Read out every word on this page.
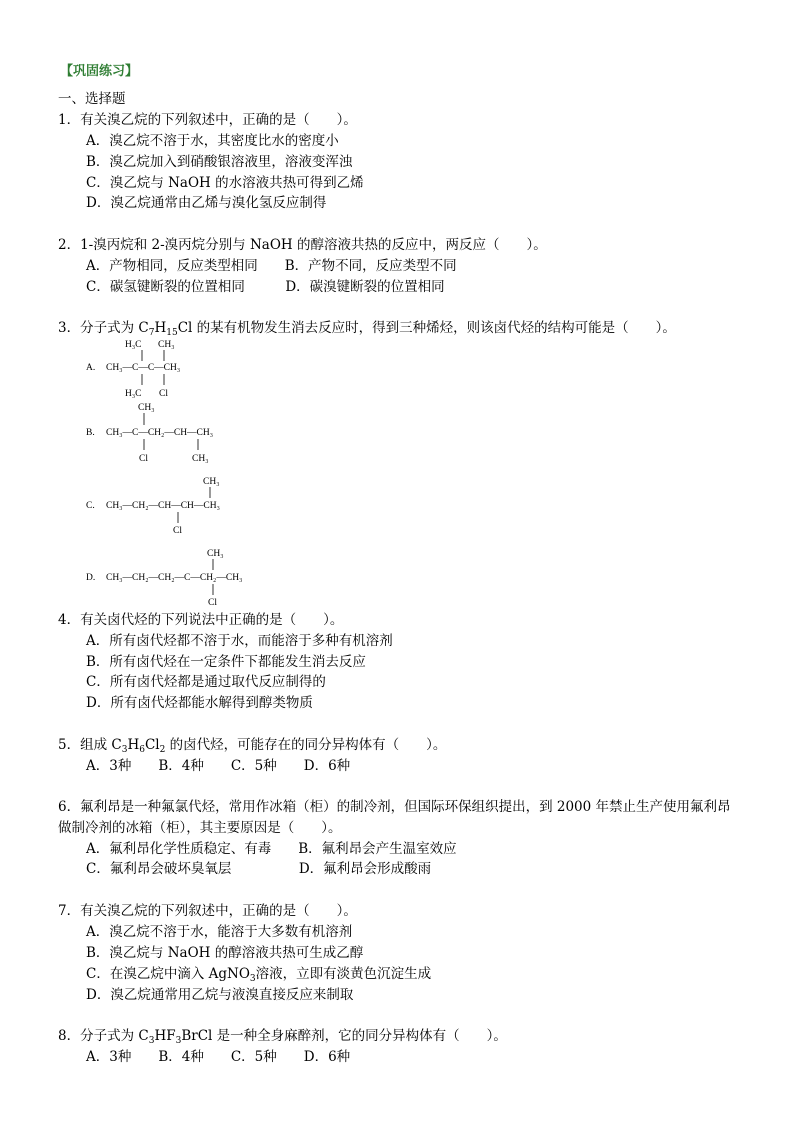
【巩固练习】
一、选择题
1．有关溴乙烷的下列叙述中，正确的是（　　）。
A．溴乙烷不溶于水，其密度比水的密度小
B．溴乙烷加入到硝酸银溶液里，溶液变浑浊
C．溴乙烷与 NaOH 的水溶液共热可得到乙烯
D．溴乙烷通常由乙烯与溴化氢反应制得
2．1-溴丙烷和 2-溴丙烷分别与 NaOH 的醇溶液共热的反应中，两反应（　　）。
A．产物相同，反应类型相同　　B．产物不同，反应类型不同
C．碳氢键断裂的位置相同　　　D．碳溴键断裂的位置相同
3．分子式为 $C_7H_{15}Cl$ 的某有机物发生消去反应时，得到三种烯烃，则该卤代烃的结构可能是（　　）。
A.
H₃C CH₃
CH₃—C—C—CH₃
H₃C Cl
B.
CH₃
CH₃—C—CH₂—CH—CH₃
Cl	CH₃
C.
CH₃
CH₃—CH₂—CH—CH—CH₃
Cl
D.
CH₃
CH₃—CH₂—CH₂—C—CH₂—CH₃
Cl
4．有关卤代烃的下列说法中正确的是（　　）。
A．所有卤代烃都不溶于水，而能溶于多种有机溶剂
B．所有卤代烃在一定条件下都能发生消去反应
C．所有卤代烃都是通过取代反应制得的
D．所有卤代烃都能水解得到醇类物质
5．组成 $C_3H_6Cl_2$ 的卤代烃，可能存在的同分异构体有（　　）。
A．3种　　B．4种　　C．5种　　D．6种
6．氟利昂是一种氟氯代烃，常用作冰箱（柜）的制冷剂，但国际环保组织提出，到 2000 年禁止生产使用氟利昂
做制冷剂的冰箱（柜），其主要原因是（　　）。
A．氟利昂化学性质稳定、有毒　　B．氟利昂会产生温室效应
C．氟利昂会破坏臭氧层　　　　　D．氟利昂会形成酸雨
7．有关溴乙烷的下列叙述中，正确的是（　　）。
A．溴乙烷不溶于水，能溶于大多数有机溶剂
B．溴乙烷与 NaOH 的醇溶液共热可生成乙醇
C．在溴乙烷中滴入 AgNO$_3$溶液，立即有淡黄色沉淀生成
D．溴乙烷通常用乙烷与液溴直接反应来制取
8．分子式为 $C_3HF_3BrCl$ 是一种全身麻醉剂，它的同分异构体有（　　）。
A．3种　　B．4种　　C．5种　　D．6种
